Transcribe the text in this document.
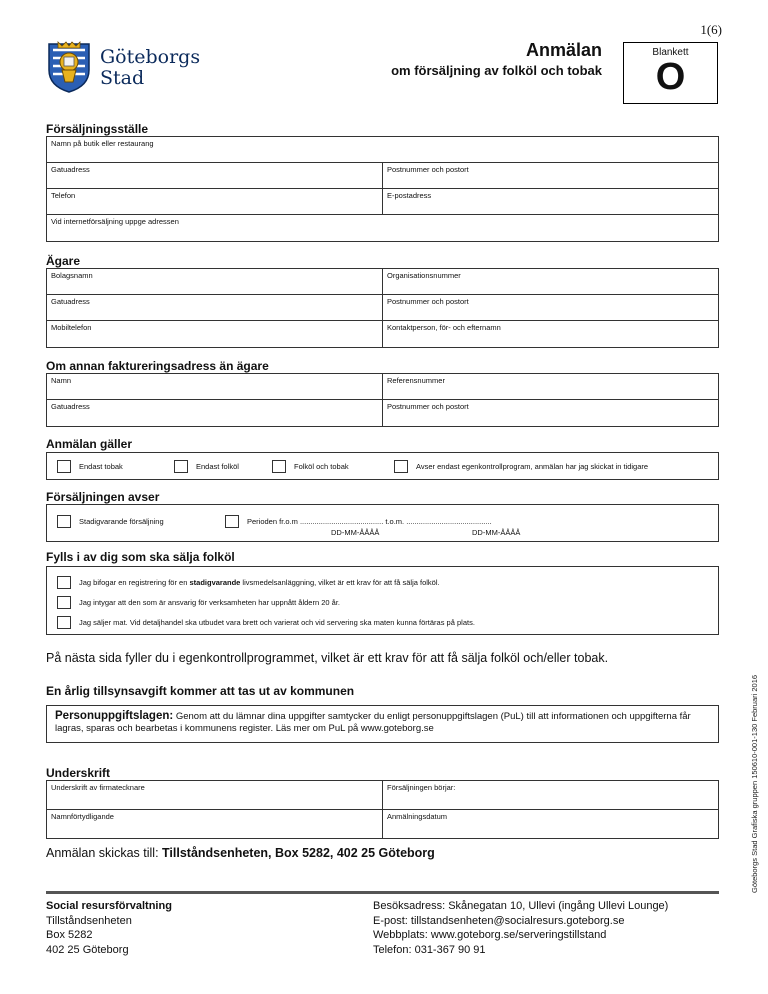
Göteborgs
Stad
1(6)
Anmälan
om försäljning av folköl och tobak
Blankett
O
Försäljningsställe
Namn på butik eller restaurang
Gatuadress	Postnummer och postort
Telefon	E-postadress
Vid internetförsäljning uppge adressen
Ägare
Bolagsnamn	Organisationsnummer
Gatuadress	Postnummer och postort
Mobiltelefon	Kontaktperson, för- och efternamn
Om annan faktureringsadress än ägare
Namn	Referensnummer
Gatuadress	Postnummer och postort
Anmälan gäller
Endast tobak	Endast folköl	Folköl och tobak	Avser endast egenkontrollprogram, anmälan har jag skickat in tidigare
Försäljningen avser
Stadigvarande försäljning	Perioden fr.o.m ........................................ t.o.m. .........................................
DD-MM-ÅÅÅÅ	DD-MM-ÅÅÅÅ
Fylls i av dig som ska sälja folköl
Jag bifogar en registrering för en stadigvarande livsmedelsanläggning, vilket är ett krav för att få sälja folköl.
Jag intygar att den som är ansvarig för verksamheten har uppnått åldern 20 år.
Jag säljer mat. Vid detaljhandel ska utbudet vara brett och varierat och vid servering ska maten kunna förtäras på plats.
På nästa sida fyller du i egenkontrollprogrammet, vilket är ett krav för att få sälja folköl och/eller tobak.
En årlig tillsynsavgift kommer att tas ut av kommunen
Personuppgiftslagen: Genom att du lämnar dina uppgifter samtycker du enligt personuppgiftslagen (PuL) till att informationen och uppgifterna får lagras, sparas och bearbetas i kommunens register. Läs mer om PuL på www.goteborg.se
Underskrift
Underskrift av firmatecknare	Försäljningen börjar:
Namnförtydligande	Anmälningsdatum
Anmälan skickas till: Tillståndsenheten, Box 5282, 402 25 Göteborg
Social resursförvaltning
Tillståndsenheten
Box 5282
402 25 Göteborg
Besöksadress: Skånegatan 10, Ullevi (ingång Ullevi Lounge)
E-post: tillstandsenheten@socialresurs.goteborg.se
Webbplats: www.goteborg.se/serveringstillstand
Telefon: 031-367 90 91
Göteborgs Stad Grafiska gruppen 150610-001-130 Februari 2016
